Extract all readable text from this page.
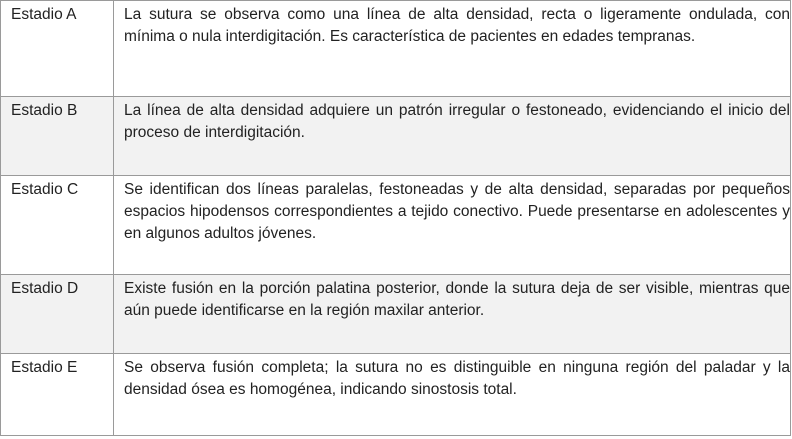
Estadio A	La sutura se observa como una línea de alta densidad, recta o ligeramente ondulada, con mínima o nula interdigitación. Es característica de pacientes en edades tempranas.
Estadio B	La línea de alta densidad adquiere un patrón irregular o festoneado, evidenciando el inicio del proceso de interdigitación.
Estadio C	Se identifican dos líneas paralelas, festoneadas y de alta densidad, separadas por pequeños espacios hipodensos correspondientes a tejido conectivo. Puede presentarse en adolescentes y en algunos adultos jóvenes.
Estadio D	Existe fusión en la porción palatina posterior, donde la sutura deja de ser visible, mientras que aún puede identificarse en la región maxilar anterior.
Estadio E	Se observa fusión completa; la sutura no es distinguible en ninguna región del paladar y la densidad ósea es homogénea, indicando sinostosis total.
